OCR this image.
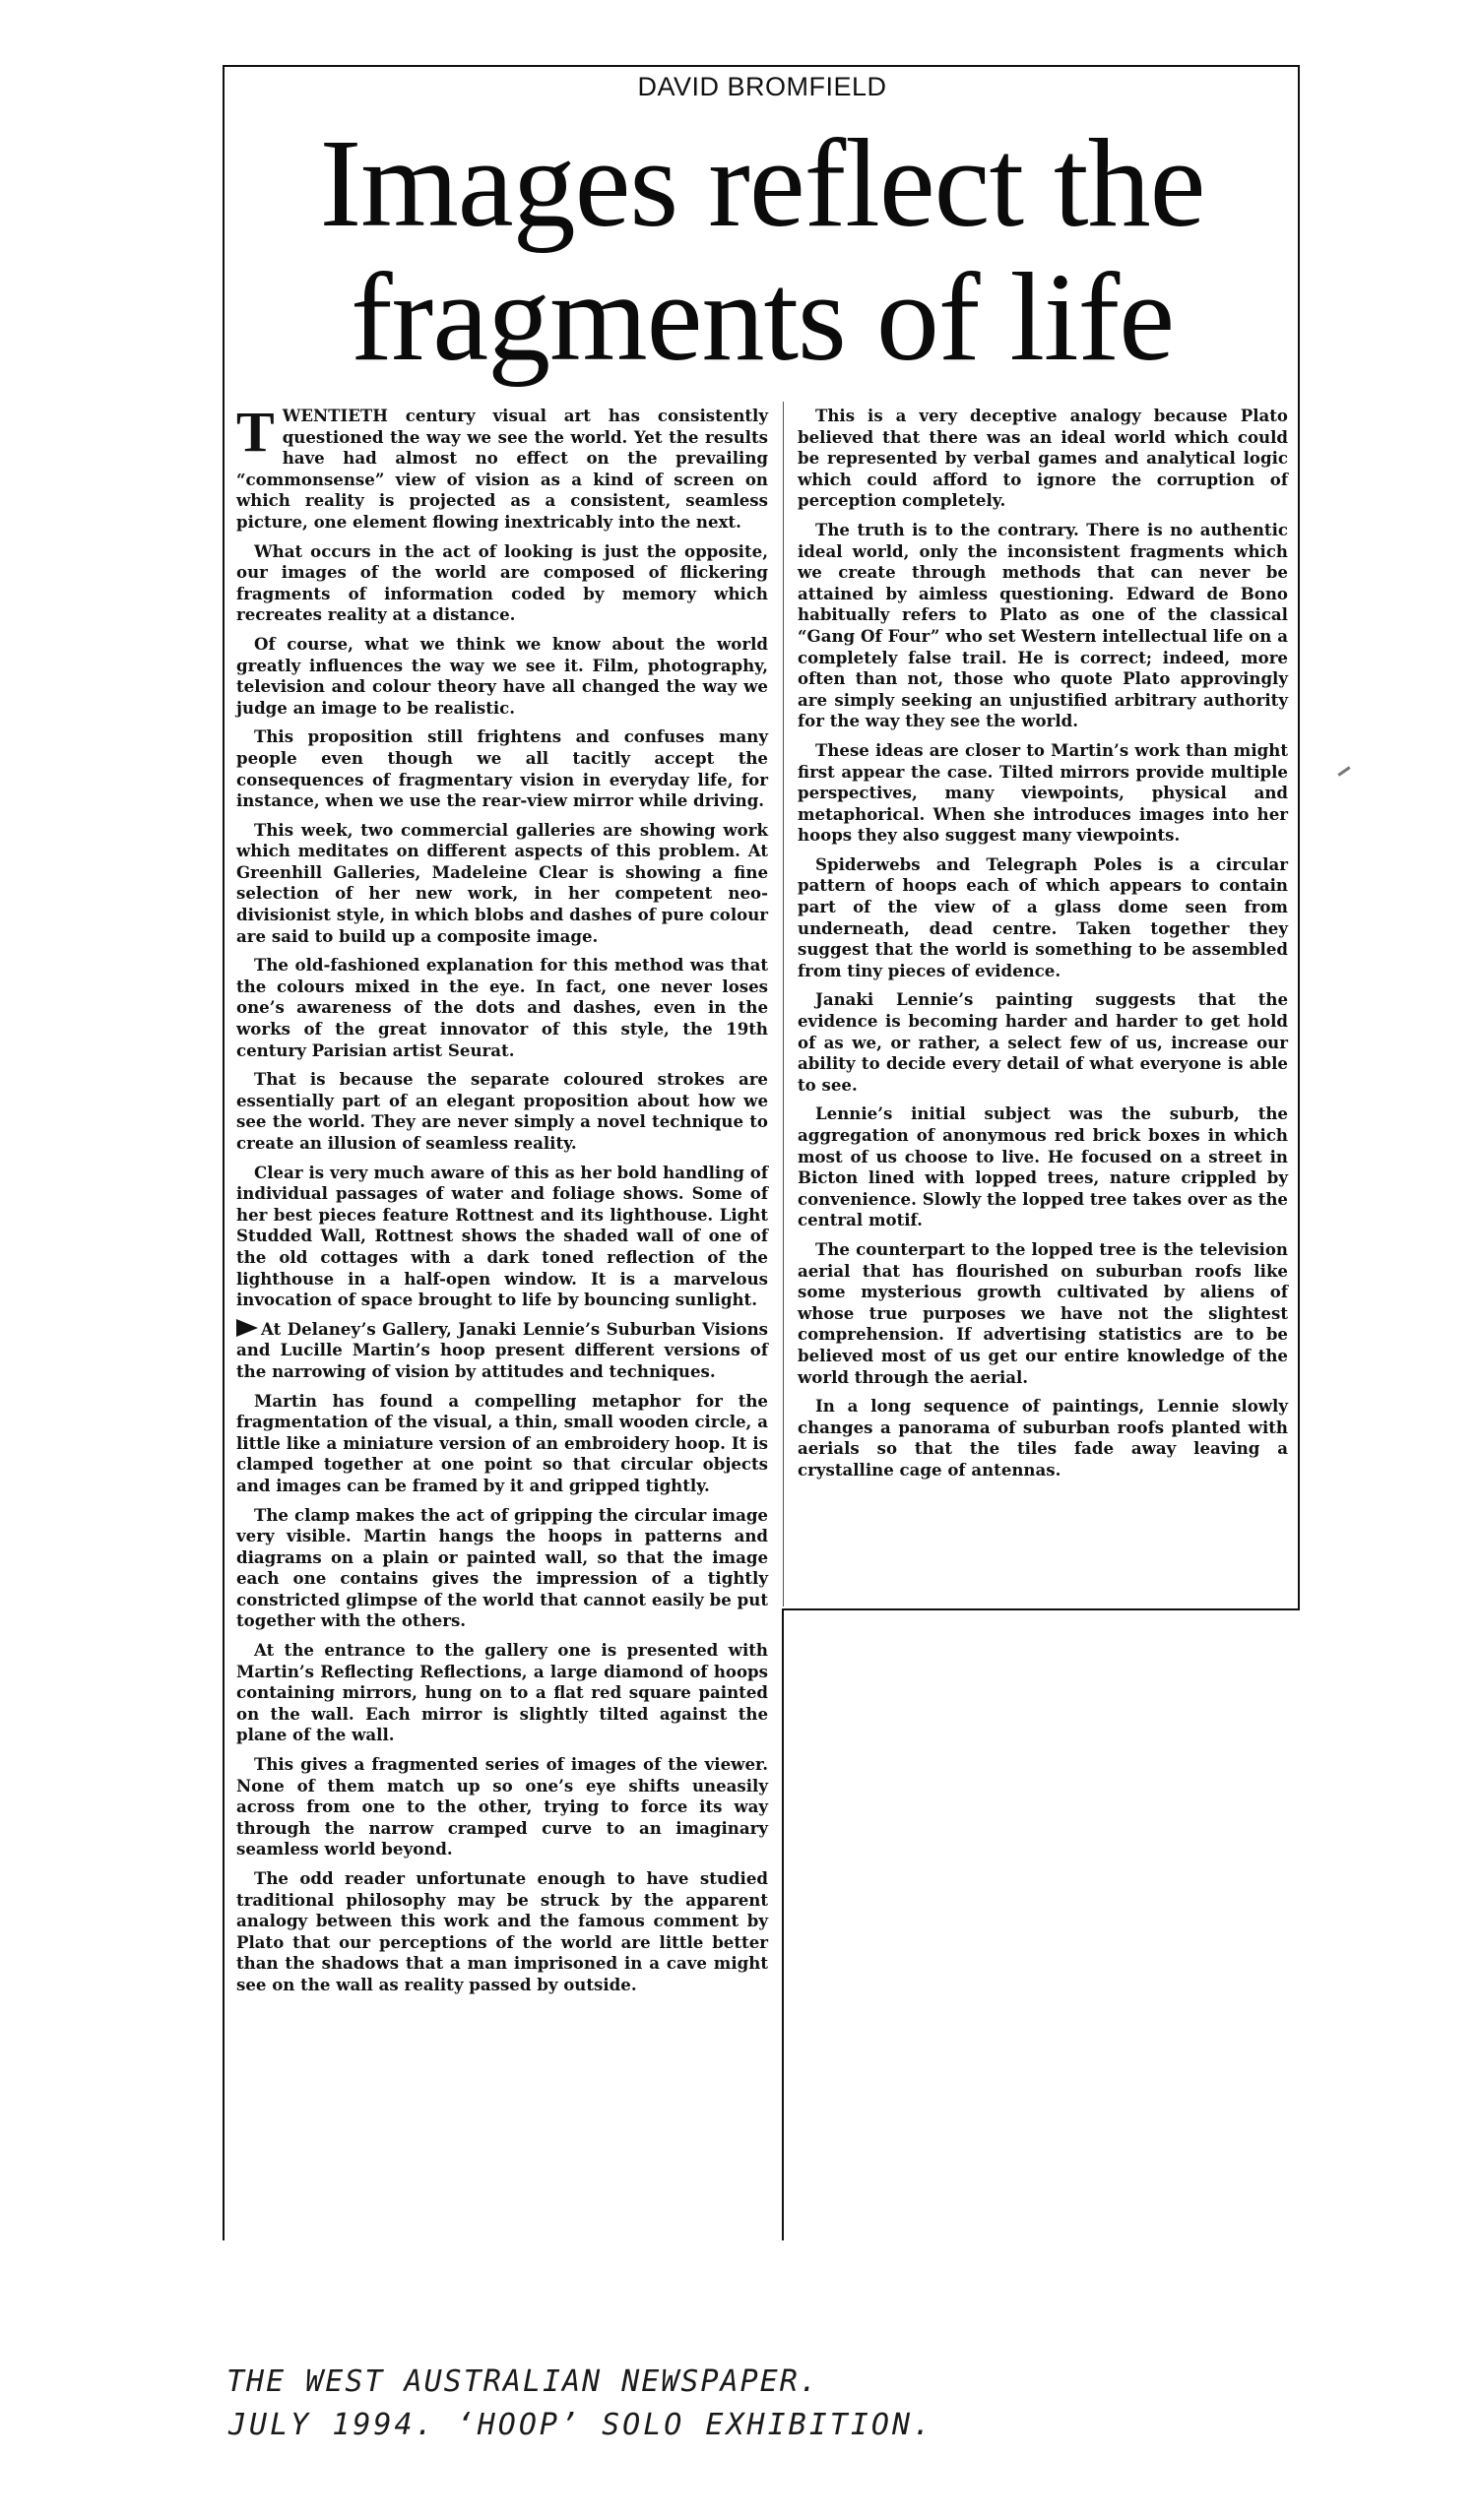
DAVID BROMFIELD
Images reflect the fragments of life

TWENTIETH century visual art has consistently questioned the way we see the world. Yet the results have had almost no effect on the prevailing “commonsense” view of vision as a kind of screen on which reality is projected as a consistent, seamless picture, one element flowing inextricably into the next.

What occurs in the act of looking is just the opposite, our images of the world are composed of flickering fragments of information coded by memory which recreates reality at a distance.

Of course, what we think we know about the world greatly influences the way we see it. Film, photography, television and colour theory have all changed the way we judge an image to be realistic.

This proposition still frightens and confuses many people even though we all tacitly accept the consequences of fragmentary vision in everyday life, for instance, when we use the rear-view mirror while driving.

This week, two commercial galleries are showing work which meditates on different aspects of this problem. At Greenhill Galleries, Madeleine Clear is showing a fine selection of her new work, in her competent neo-divisionist style, in which blobs and dashes of pure colour are said to build up a composite image.

The old-fashioned explanation for this method was that the colours mixed in the eye. In fact, one never loses one’s awareness of the dots and dashes, even in the works of the great innovator of this style, the 19th century Parisian artist Seurat.

That is because the separate coloured strokes are essentially part of an elegant proposition about how we see the world. They are never simply a novel technique to create an illusion of seamless reality.

Clear is very much aware of this as her bold handling of individual passages of water and foliage shows. Some of her best pieces feature Rottnest and its lighthouse. Light Studded Wall, Rottnest shows the shaded wall of one of the old cottages with a dark toned reflection of the lighthouse in a half-open window. It is a marvelous invocation of space brought to life by bouncing sunlight.

At Delaney’s Gallery, Janaki Lennie’s Suburban Visions and Lucille Martin’s hoop present different versions of the narrowing of vision by attitudes and techniques.

Martin has found a compelling metaphor for the fragmentation of the visual, a thin, small wooden circle, a little like a miniature version of an embroidery hoop. It is clamped together at one point so that circular objects and images can be framed by it and gripped tightly.

The clamp makes the act of gripping the circular image very visible. Martin hangs the hoops in patterns and diagrams on a plain or painted wall, so that the image each one contains gives the impression of a tightly constricted glimpse of the world that cannot easily be put together with the others.

At the entrance to the gallery one is presented with Martin’s Reflecting Reflections, a large diamond of hoops containing mirrors, hung on to a flat red square painted on the wall. Each mirror is slightly tilted against the plane of the wall.

This gives a fragmented series of images of the viewer. None of them match up so one’s eye shifts uneasily across from one to the other, trying to force its way through the narrow cramped curve to an imaginary seamless world beyond.

The odd reader unfortunate enough to have studied traditional philosophy may be struck by the apparent analogy between this work and the famous comment by Plato that our perceptions of the world are little better than the shadows that a man imprisoned in a cave might see on the wall as reality passed by outside.

This is a very deceptive analogy because Plato believed that there was an ideal world which could be represented by verbal games and analytical logic which could afford to ignore the corruption of perception completely.

The truth is to the contrary. There is no authentic ideal world, only the inconsistent fragments which we create through methods that can never be attained by aimless questioning. Edward de Bono habitually refers to Plato as one of the classical “Gang Of Four” who set Western intellectual life on a completely false trail. He is correct; indeed, more often than not, those who quote Plato approvingly are simply seeking an unjustified arbitrary authority for the way they see the world.

These ideas are closer to Martin’s work than might first appear the case. Tilted mirrors provide multiple perspectives, many viewpoints, physical and metaphorical. When she introduces images into her hoops they also suggest many viewpoints.

Spiderwebs and Telegraph Poles is a circular pattern of hoops each of which appears to contain part of the view of a glass dome seen from underneath, dead centre. Taken together they suggest that the world is something to be assembled from tiny pieces of evidence.

Janaki Lennie’s painting suggests that the evidence is becoming harder and harder to get hold of as we, or rather, a select few of us, increase our ability to decide every detail of what everyone is able to see.

Lennie’s initial subject was the suburb, the aggregation of anonymous red brick boxes in which most of us choose to live. He focused on a street in Bicton lined with lopped trees, nature crippled by convenience. Slowly the lopped tree takes over as the central motif.

The counterpart to the lopped tree is the television aerial that has flourished on suburban roofs like some mysterious growth cultivated by aliens of whose true purposes we have not the slightest comprehension. If advertising statistics are to be believed most of us get our entire knowledge of the world through the aerial.

In a long sequence of paintings, Lennie slowly changes a panorama of suburban roofs planted with aerials so that the tiles fade away leaving a crystalline cage of antennas.

THE WEST AUSTRALIAN NEWSPAPER.
JULY 1994. ‘HOOP’ SOLO EXHIBITION.
